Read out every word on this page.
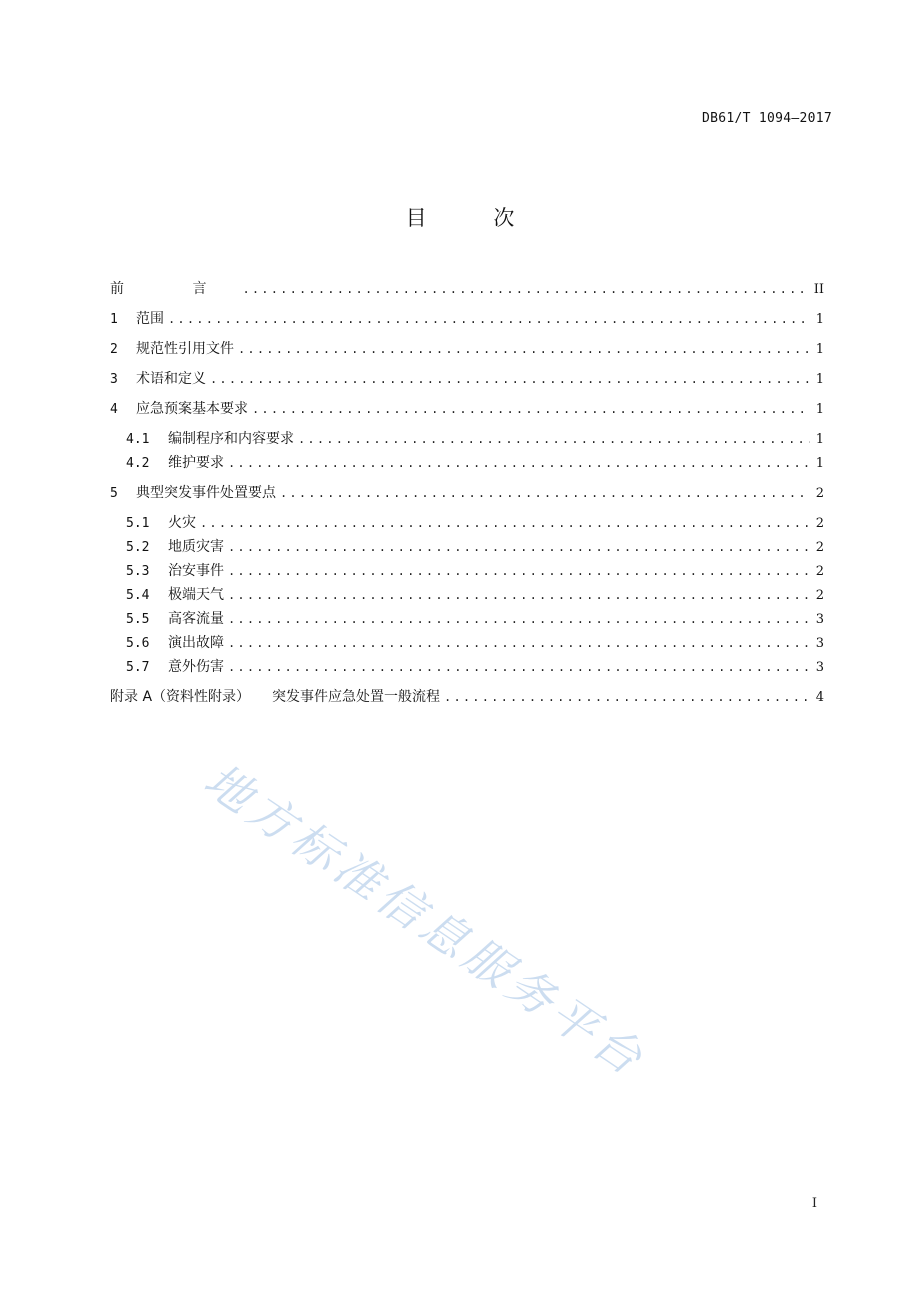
DB61/T 1094—2017
目 次
前 言 .....	II
1	范围 .....	1
2	规范性引用文件 .....	1
3	术语和定义 .....	1
4	应急预案基本要求 .....	1
4.1	编制程序和内容要求 .....	1
4.2	维护要求 .....	1
5	典型突发事件处置要点 .....	2
5.1	火灾 .....	2
5.2	地质灾害 .....	2
5.3	治安事件 .....	2
5.4	极端天气 .....	2
5.5	高客流量 .....	3
5.6	演出故障 .....	3
5.7	意外伤害 .....	3
附录 A（资料性附录） 突发事件应急处置一般流程 .....	4
地方标准信息服务平台
I
